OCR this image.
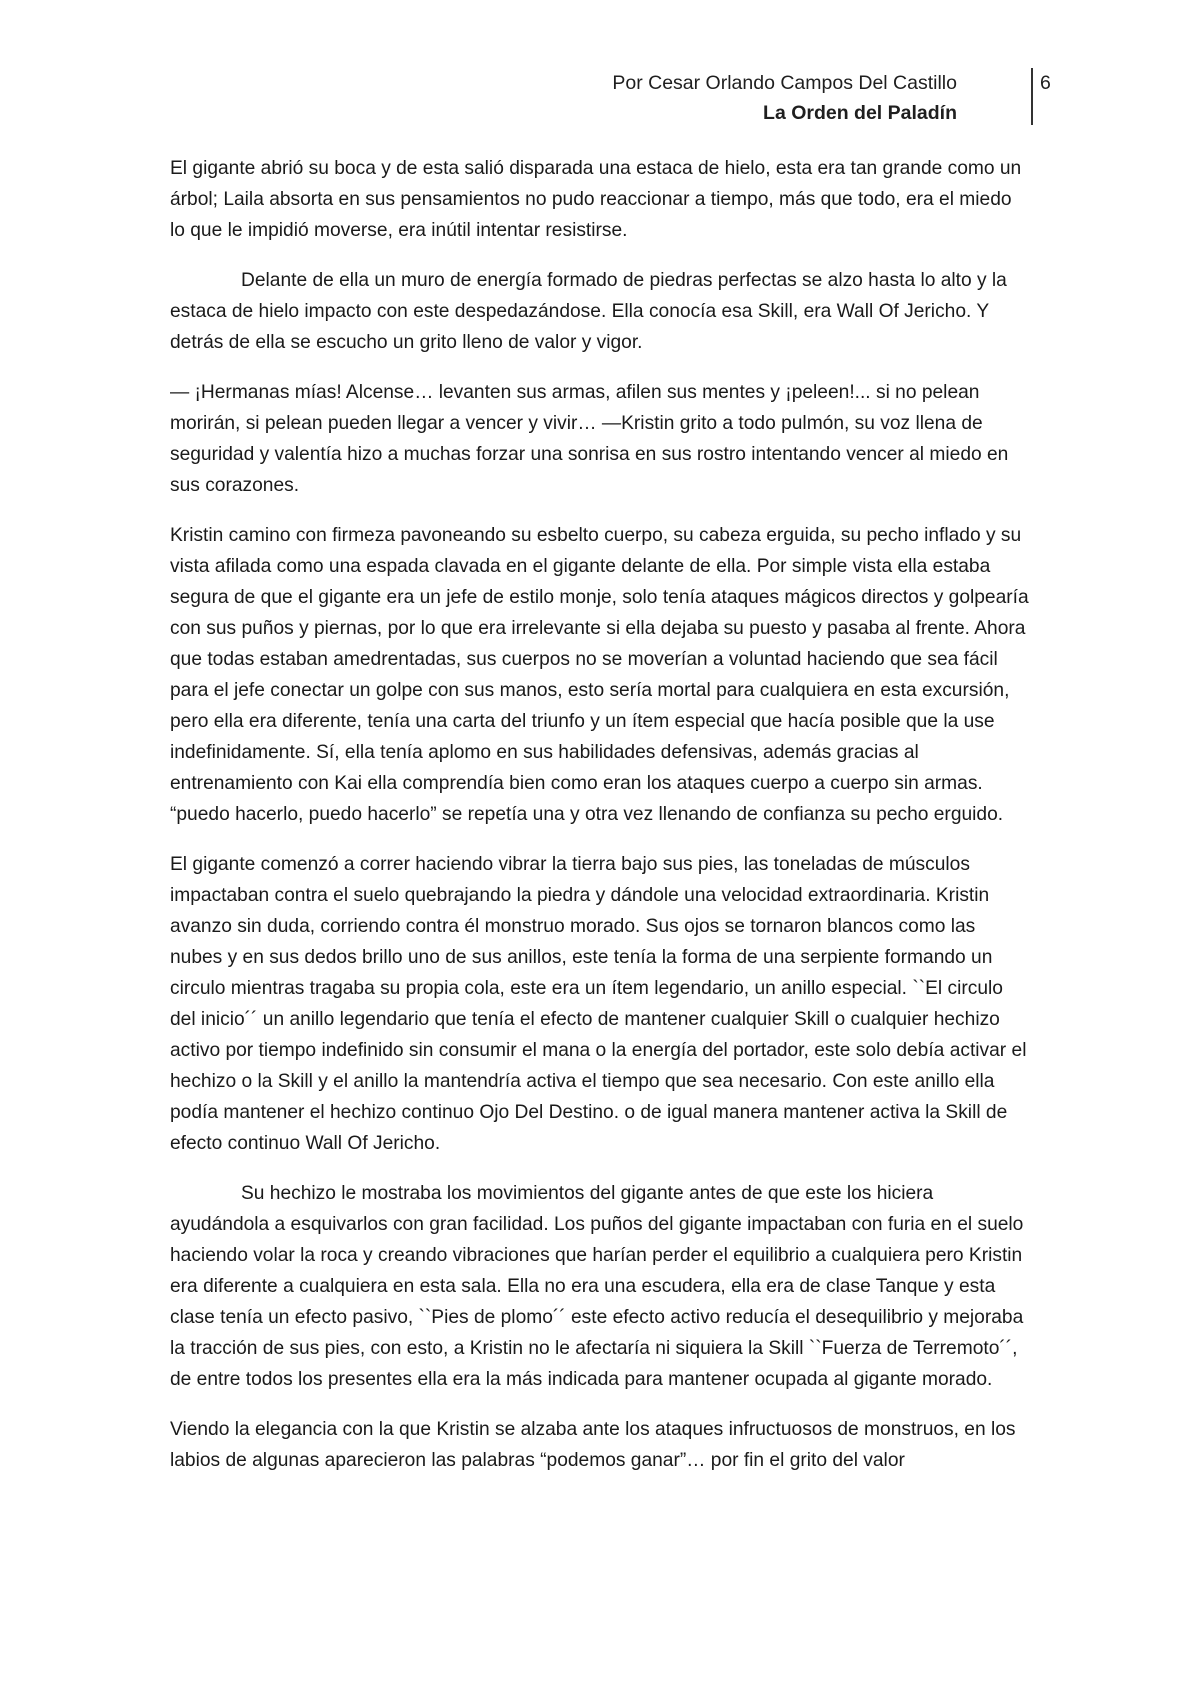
Por Cesar Orlando Campos Del Castillo
La Orden del Paladín
6

El gigante abrió su boca y de esta salió disparada una estaca de hielo, esta era tan grande como un árbol; Laila absorta en sus pensamientos no pudo reaccionar a tiempo, más que todo, era el miedo lo que le impidió moverse, era inútil intentar resistirse.

Delante de ella un muro de energía formado de piedras perfectas se alzo hasta lo alto y la estaca de hielo impacto con este despedazándose. Ella conocía esa Skill, era Wall Of Jericho. Y detrás de ella se escucho un grito lleno de valor y vigor.

— ¡Hermanas mías! Alcense… levanten sus armas, afilen sus mentes y ¡peleen!... si no pelean morirán, si pelean pueden llegar a vencer y vivir… —Kristin grito a todo pulmón, su voz llena de seguridad y valentía hizo a muchas forzar una sonrisa en sus rostro intentando vencer al miedo en sus corazones.

Kristin camino con firmeza pavoneando su esbelto cuerpo, su cabeza erguida, su pecho inflado y su vista afilada como una espada clavada en el gigante delante de ella. Por simple vista ella estaba segura de que el gigante era un jefe de estilo monje, solo tenía ataques mágicos directos y golpearía con sus puños y piernas, por lo que era irrelevante si ella dejaba su puesto y pasaba al frente. Ahora que todas estaban amedrentadas, sus cuerpos no se moverían a voluntad haciendo que sea fácil para el jefe conectar un golpe con sus manos, esto sería mortal para cualquiera en esta excursión, pero ella era diferente, tenía una carta del triunfo y un ítem especial que hacía posible que la use indefinidamente. Sí, ella tenía aplomo en sus habilidades defensivas, además gracias al entrenamiento con Kai ella comprendía bien como eran los ataques cuerpo a cuerpo sin armas. “puedo hacerlo, puedo hacerlo” se repetía una y otra vez llenando de confianza su pecho erguido.

El gigante comenzó a correr haciendo vibrar la tierra bajo sus pies, las toneladas de músculos impactaban contra el suelo quebrajando la piedra y dándole una velocidad extraordinaria. Kristin avanzo sin duda, corriendo contra él monstruo morado. Sus ojos se tornaron blancos como las nubes y en sus dedos brillo uno de sus anillos, este tenía la forma de una serpiente formando un circulo mientras tragaba su propia cola, este era un ítem legendario, un anillo especial. ``El circulo del inicio´´ un anillo legendario que tenía el efecto de mantener cualquier Skill o cualquier hechizo activo por tiempo indefinido sin consumir el mana o la energía del portador, este solo debía activar el hechizo o la Skill y el anillo la mantendría activa el tiempo que sea necesario. Con este anillo ella podía mantener el hechizo continuo Ojo Del Destino. o de igual manera mantener activa la Skill de efecto continuo Wall Of Jericho.

Su hechizo le mostraba los movimientos del gigante antes de que este los hiciera ayudándola a esquivarlos con gran facilidad. Los puños del gigante impactaban con furia en el suelo haciendo volar la roca y creando vibraciones que harían perder el equilibrio a cualquiera pero Kristin era diferente a cualquiera en esta sala. Ella no era una escudera, ella era de clase Tanque y esta clase tenía un efecto pasivo, ``Pies de plomo´´ este efecto activo reducía el desequilibrio y mejoraba la tracción de sus pies, con esto, a Kristin no le afectaría ni siquiera la Skill ``Fuerza de Terremoto´´, de entre todos los presentes ella era la más indicada para mantener ocupada al gigante morado.

Viendo la elegancia con la que Kristin se alzaba ante los ataques infructuosos de monstruos, en los labios de algunas aparecieron las palabras “podemos ganar”… por fin el grito del valor
